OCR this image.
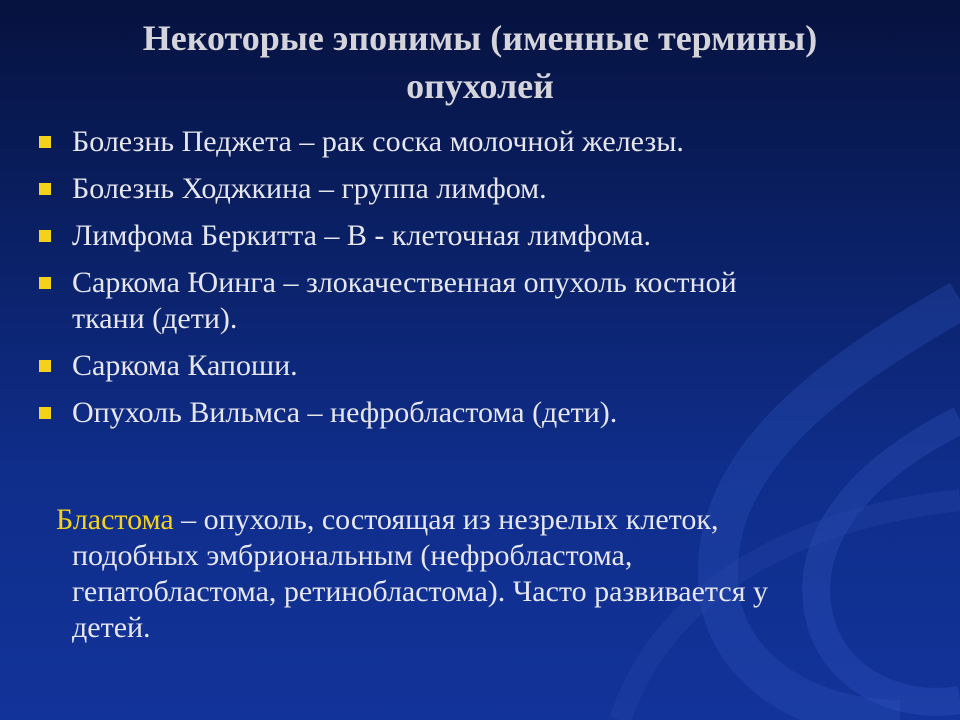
Некоторые эпонимы (именные термины)
опухолей
Болезнь Педжета – рак соска молочной железы.
Болезнь Ходжкина – группа лимфом.
Лимфома Беркитта – В - клеточная лимфома.
Саркома Юинга – злокачественная опухоль костной
ткани (дети).
Саркома Капоши.
Опухоль Вильмса – нефробластома (дети).
Бластома – опухоль, состоящая из незрелых клеток,
подобных эмбриональным (нефробластома,
гепатобластома, ретинобластома). Часто развивается у
детей.
